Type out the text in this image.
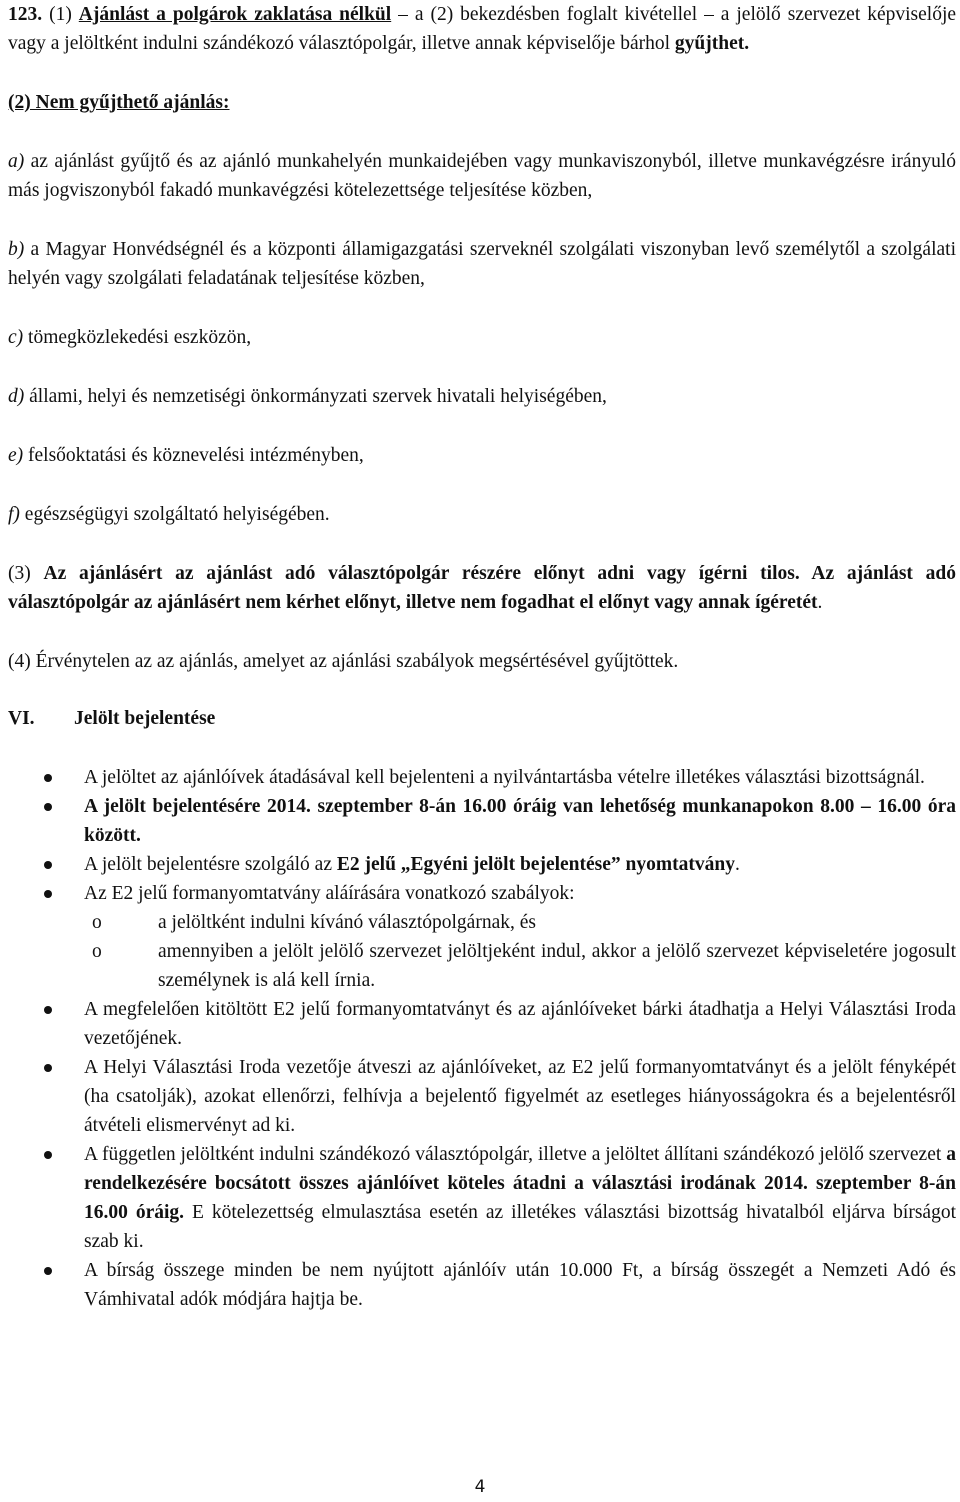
123. (1) Ajánlást a polgárok zaklatása nélkül – a (2) bekezdésben foglalt kivétellel – a jelölő szervezet képviselője vagy a jelöltként indulni szándékozó választópolgár, illetve annak képviselője bárhol gyűjthet.

(2) Nem gyűjthető ajánlás:

a) az ajánlást gyűjtő és az ajánló munkahelyén munkaidejében vagy munkaviszonyból, illetve munkavégzésre irányuló más jogviszonyból fakadó munkavégzési kötelezettsége teljesítése közben,

b) a Magyar Honvédségnél és a központi államigazgatási szerveknél szolgálati viszonyban levő személytől a szolgálati helyén vagy szolgálati feladatának teljesítése közben,

c) tömegközlekedési eszközön,

d) állami, helyi és nemzetiségi önkormányzati szervek hivatali helyiségében,

e) felsőoktatási és köznevelési intézményben,

f) egészségügyi szolgáltató helyiségében.

(3) Az ajánlásért az ajánlást adó választópolgár részére előnyt adni vagy ígérni tilos. Az ajánlást adó választópolgár az ajánlásért nem kérhet előnyt, illetve nem fogadhat el előnyt vagy annak ígéretét.

(4) Érvénytelen az az ajánlás, amelyet az ajánlási szabályok megsértésével gyűjtöttek.

VI.	Jelölt bejelentése
A jelöltet az ajánlóívek átadásával kell bejelenteni a nyilvántartásba vételre illetékes választási bizottságnál.
A jelölt bejelentésére 2014. szeptember 8-án 16.00 óráig van lehetőség munkanapokon 8.00 – 16.00 óra között.
A jelölt bejelentésre szolgáló az E2 jelű „Egyéni jelölt bejelentése” nyomtatvány.
Az E2 jelű formanyomtatvány aláírására vonatkozó szabályok:
o a jelöltként indulni kívánó választópolgárnak, és
o amennyiben a jelölt jelölő szervezet jelöltjeként indul, akkor a jelölő szervezet képviseletére jogosult személynek is alá kell írnia.
A megfelelően kitöltött E2 jelű formanyomtatványt és az ajánlóíveket bárki átadhatja a Helyi Választási Iroda vezetőjének.
A Helyi Választási Iroda vezetője átveszi az ajánlóíveket, az E2 jelű formanyomtatványt és a jelölt fényképét (ha csatolják), azokat ellenőrzi, felhívja a bejelentő figyelmét az esetleges hiányosságokra és a bejelentésről átvételi elismervényt ad ki.
A független jelöltként indulni szándékozó választópolgár, illetve a jelöltet állítani szándékozó jelölő szervezet a rendelkezésére bocsátott összes ajánlóívet köteles átadni a választási irodának 2014. szeptember 8-án 16.00 óráig. E kötelezettség elmulasztása esetén az illetékes választási bizottság hivatalból eljárva bírságot szab ki.
A bírság összege minden be nem nyújtott ajánlóív után 10.000 Ft, a bírság összegét a Nemzeti Adó és Vámhivatal adók módjára hajtja be.
4
